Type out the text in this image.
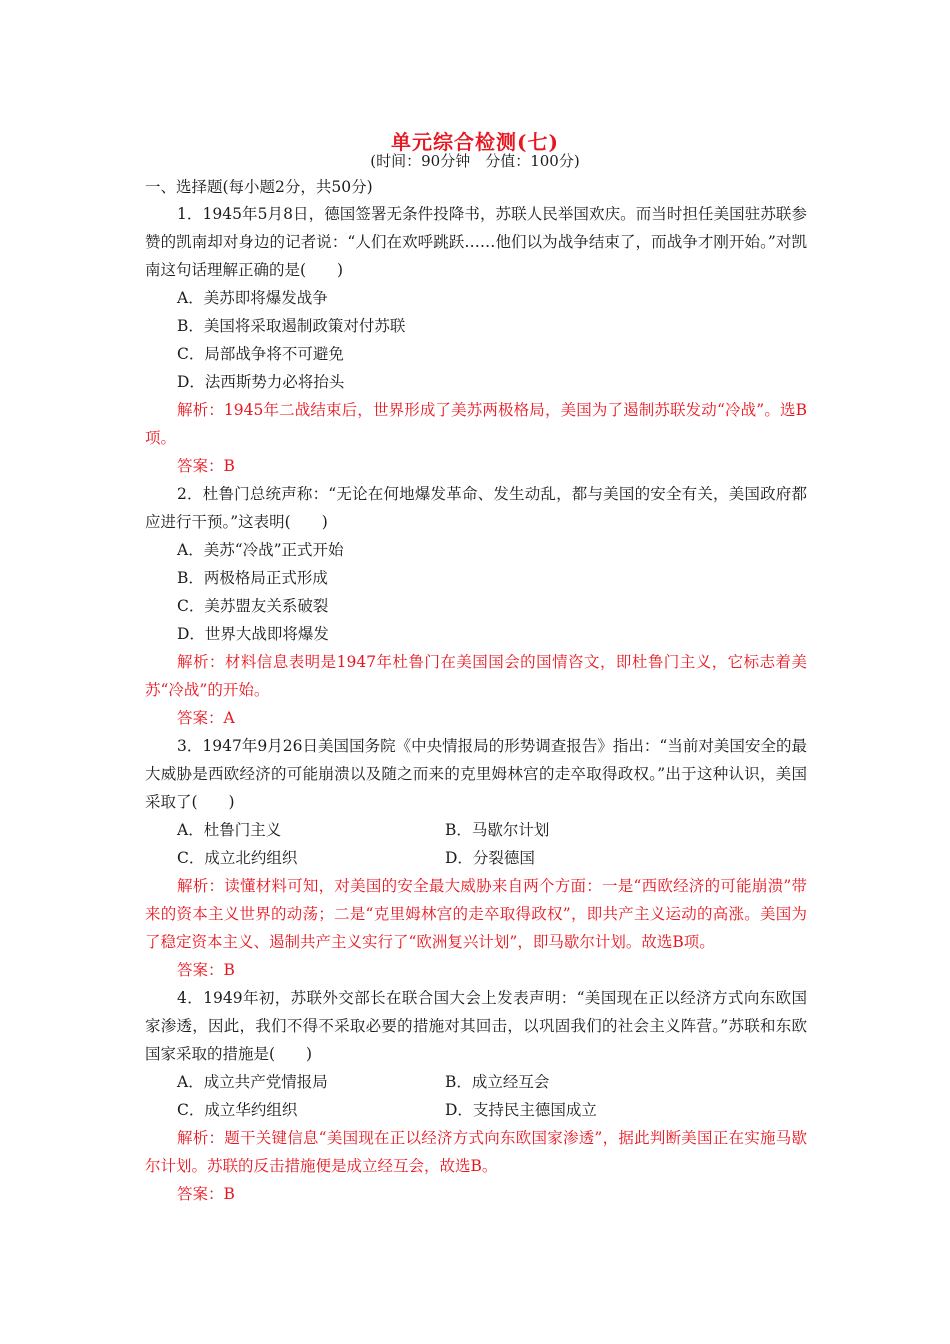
单元综合检测(七)
(时间：90分钟　分值：100分)
一、选择题(每小题2分，共50分)

1．1945年5月8日，德国签署无条件投降书，苏联人民举国欢庆。而当时担任美国驻苏联参赞的凯南却对身边的记者说：“人们在欢呼跳跃……他们以为战争结束了，而战争才刚开始。”对凯南这句话理解正确的是(　　)

A．美苏即将爆发战争

B．美国将采取遏制政策对付苏联

C．局部战争将不可避免

D．法西斯势力必将抬头

解析：1945年二战结束后，世界形成了美苏两极格局，美国为了遏制苏联发动“冷战”。选B项。

答案：B

2．杜鲁门总统声称：“无论在何地爆发革命、发生动乱，都与美国的安全有关，美国政府都应进行干预。”这表明(　　)

A．美苏“冷战”正式开始

B．两极格局正式形成

C．美苏盟友关系破裂

D．世界大战即将爆发

解析：材料信息表明是1947年杜鲁门在美国国会的国情咨文，即杜鲁门主义，它标志着美苏“冷战”的开始。

答案：A

3．1947年9月26日美国国务院《中央情报局的形势调查报告》指出：“当前对美国安全的最大威胁是西欧经济的可能崩溃以及随之而来的克里姆林宫的走卒取得政权。”出于这种认识，美国采取了(　　)

A．杜鲁门主义	B．马歇尔计划
C．成立北约组织	D．分裂德国

解析：读懂材料可知，对美国的安全最大威胁来自两个方面：一是“西欧经济的可能崩溃”带来的资本主义世界的动荡；二是“克里姆林宫的走卒取得政权”，即共产主义运动的高涨。美国为了稳定资本主义、遏制共产主义实行了“欧洲复兴计划”，即马歇尔计划。故选B项。

答案：B

4．1949年初，苏联外交部长在联合国大会上发表声明：“美国现在正以经济方式向东欧国家渗透，因此，我们不得不采取必要的措施对其回击，以巩固我们的社会主义阵营。”苏联和东欧国家采取的措施是(　　)

A．成立共产党情报局	B．成立经互会
C．成立华约组织	D．支持民主德国成立

解析：题干关键信息“美国现在正以经济方式向东欧国家渗透”，据此判断美国正在实施马歇尔计划。苏联的反击措施便是成立经互会，故选B。

答案：B
